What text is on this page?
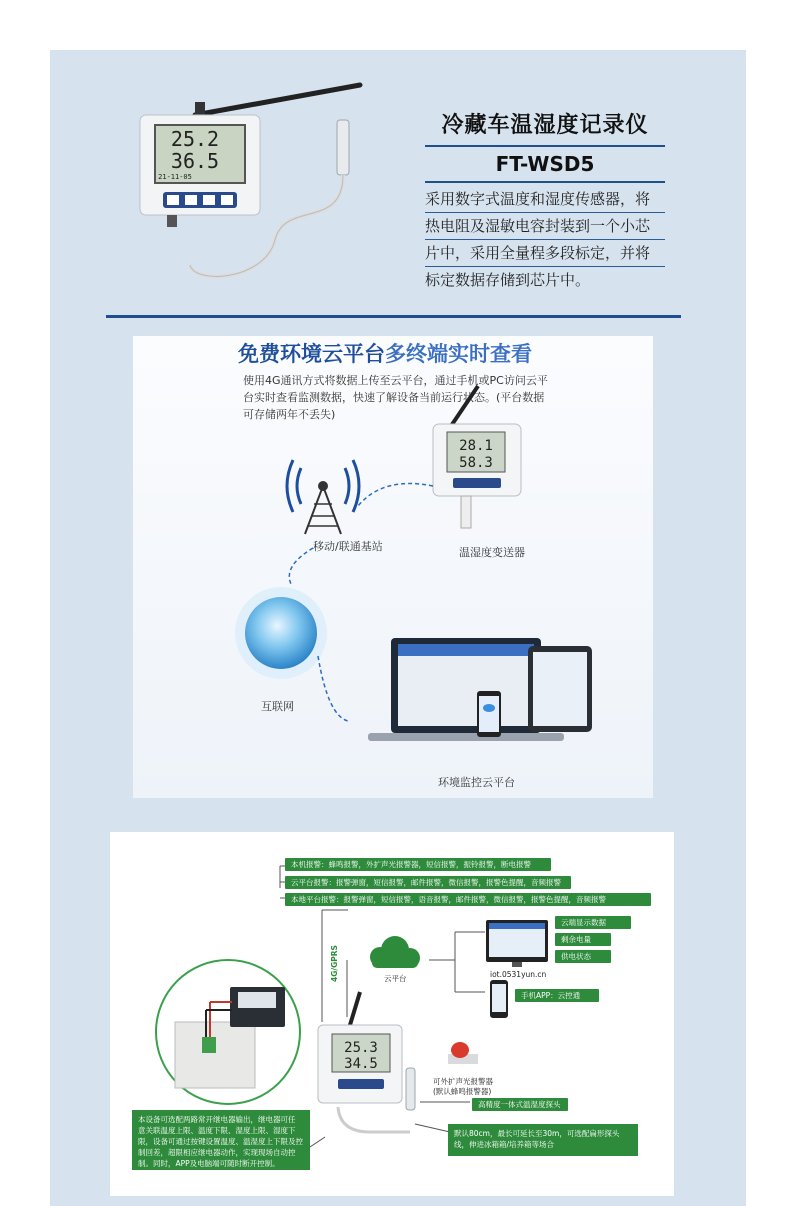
25.2
36.5
21-11-05
冷藏车温湿度记录仪
FT-WSD5
采用数字式温度和湿度传感器，将
热电阻及湿敏电容封装到一个小芯
片中，采用全量程多段标定，并将
标定数据存储到芯片中。
免费环境云平台多终端实时查看
使用4G通讯方式将数据上传至云平台，通过手机或PC访问云平
台实时查看监测数据，快速了解设备当前运行状态。(平台数据
可存储两年不丢失)
28.1
58.3
移动/联通基站	温湿度变送器
互联网
环境监控云平台
25.3
34.5
本机报警：蜂鸣报警，外扩声光报警器，短信报警，振铃报警，断电报警
云平台报警：报警弹窗，短信报警，邮件报警，微信报警，报警色提醒，音频报警
本地平台报警：报警弹窗，短信报警，语音报警，邮件报警，微信报警，报警色提醒，音频报警
云平台
4G/GPRS
云端显示数据
剩余电量
供电状态
iot.0531yun.cn
手机APP：云控通
可外扩声光报警器
(默认蜂鸣报警器)
高精度一体式温湿度探头
默认80cm，最长可延长至30m，可选配扁形探头
线，伸进冰箱箱/培养箱等场合
本设备可选配两路常开继电器输出，继电器可任
意关联温度上限、温度下限、湿度上限、湿度下
限，设备可通过按键设置温度、温湿度上下限及控
制回差，超限相应继电器动作，实现现场自动控
制。同时，APP及电脑端可随时断开控制。
